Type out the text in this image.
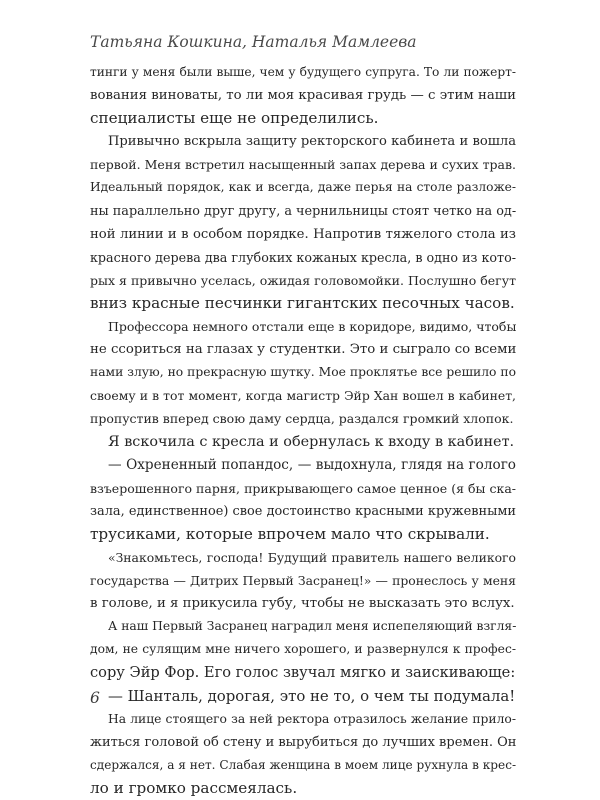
Татьяна Кошкина, Наталья Мамлеева
тинги у меня были выше, чем у будущего супруга. То ли пожерт-
вования виноваты, то ли моя красивая грудь — с этим наши
специалисты еще не определились.
Привычно вскрыла защиту ректорского кабинета и вошла
первой. Меня встретил насыщенный запах дерева и сухих трав.
Идеальный порядок, как и всегда, даже перья на столе разложе-
ны параллельно друг другу, а чернильницы стоят четко на од-
ной линии и в особом порядке. Напротив тяжелого стола из
красного дерева два глубоких кожаных кресла, в одно из кото-
рых я привычно уселась, ожидая головомойки. Послушно бегут
вниз красные песчинки гигантских песочных часов.
Профессора немного отстали еще в коридоре, видимо, чтобы
не ссориться на глазах у студентки. Это и сыграло со всеми
нами злую, но прекрасную шутку. Мое проклятье все решило по
своему и в тот момент, когда магистр Эйр Хан вошел в кабинет,
пропустив вперед свою даму сердца, раздался громкий хлопок.
Я вскочила с кресла и обернулась к входу в кабинет.
— Охрененный попандос, — выдохнула, глядя на голого
взъерошенного парня, прикрывающего самое ценное (я бы ска-
зала, единственное) свое достоинство красными кружевными
трусиками, которые впрочем мало что скрывали.
«Знакомьтесь, господа! Будущий правитель нашего великого
государства — Дитрих Первый Засранец!» — пронеслось у меня
в голове, и я прикусила губу, чтобы не высказать это вслух.
А наш Первый Засранец наградил меня испепеляющий взгля-
дом, не сулящим мне ничего хорошего, и развернулся к профес-
сору Эйр Фор. Его голос звучал мягко и заискивающе:
— Шанталь, дорогая, это не то, о чем ты подумала!
На лице стоящего за ней ректора отразилось желание прило-
житься головой об стену и вырубиться до лучших времен. Он
сдержался, а я нет. Слабая женщина в моем лице рухнула в крес-
ло и громко рассмеялась.
6
